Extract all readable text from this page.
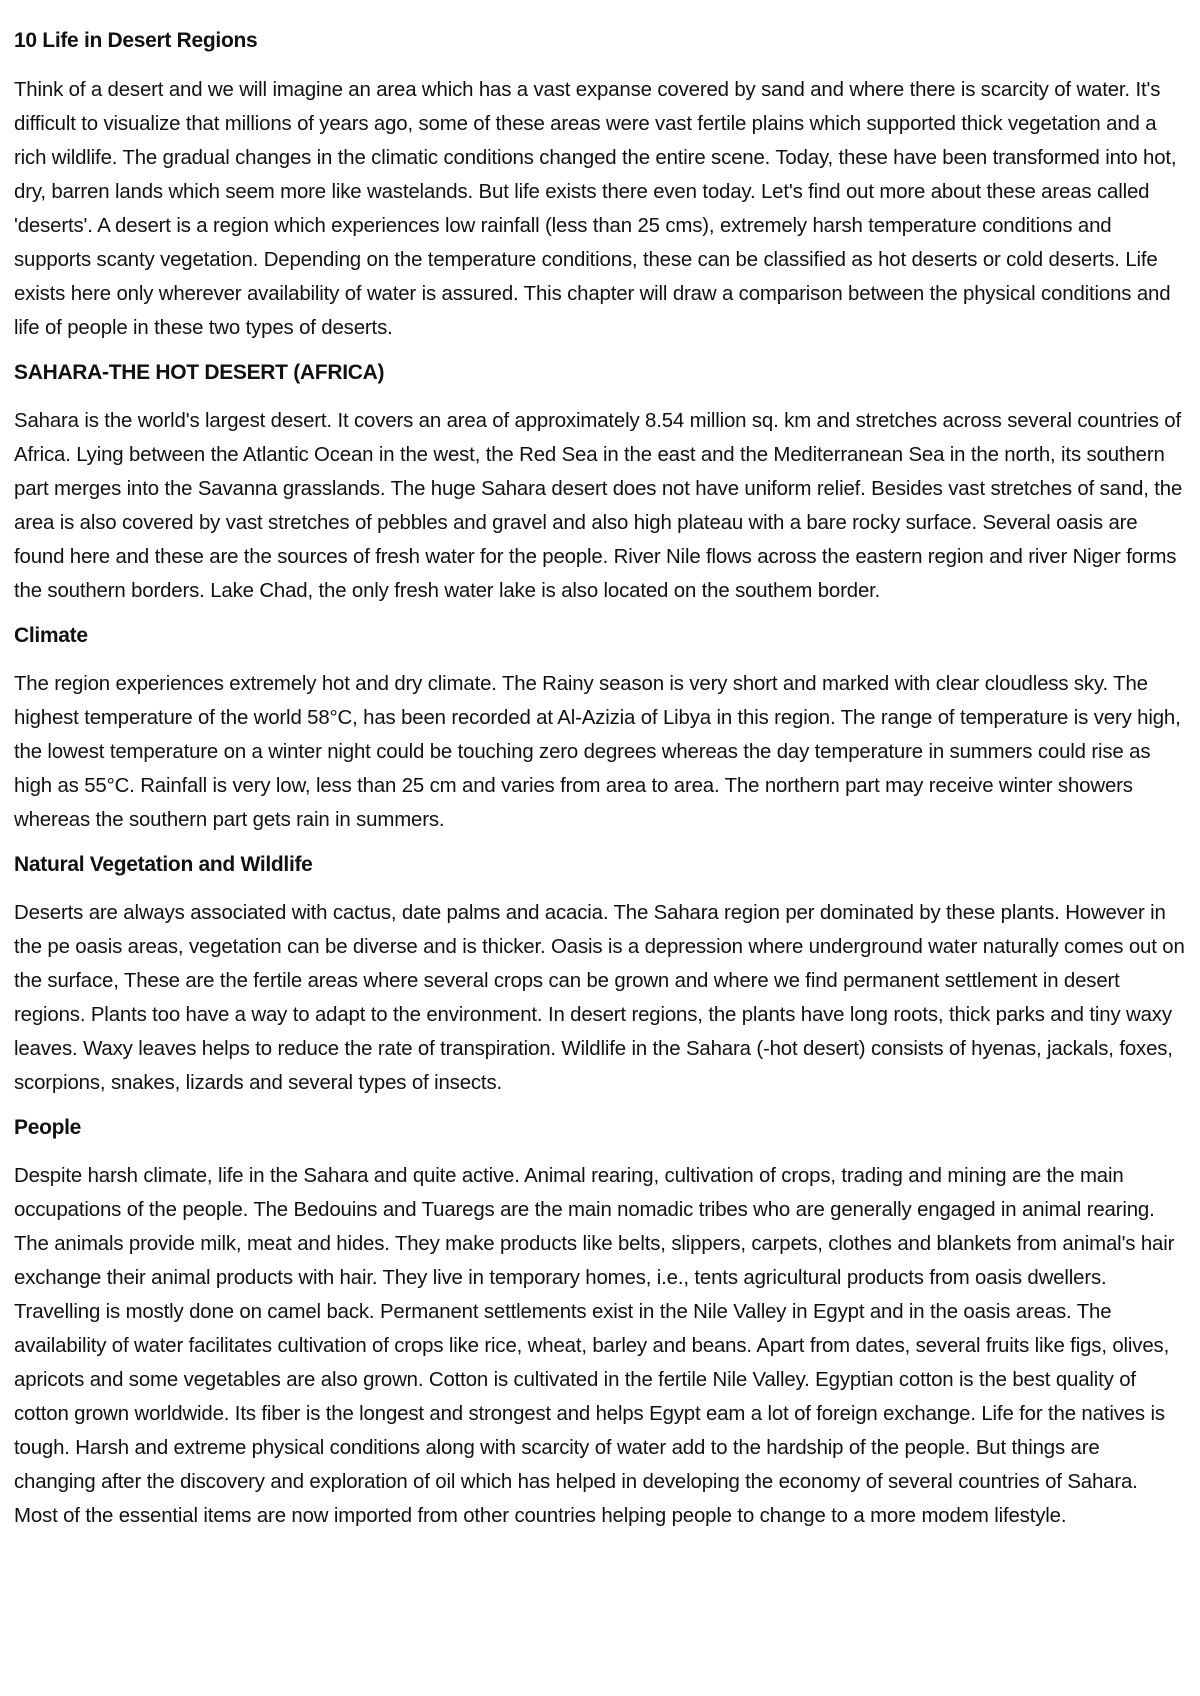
10 Life in Desert Regions

Think of a desert and we will imagine an area which has a vast expanse covered by sand and where there is scarcity of water. It's difficult to visualize that millions of years ago, some of these areas were vast fertile plains which supported thick vegetation and a rich wildlife. The gradual changes in the climatic conditions changed the entire scene. Today, these have been transformed into hot, dry, barren lands which seem more like wastelands. But life exists there even today. Let's find out more about these areas called 'deserts'. A desert is a region which experiences low rainfall (less than 25 cms), extremely harsh temperature conditions and supports scanty vegetation. Depending on the temperature conditions, these can be classified as hot deserts or cold deserts. Life exists here only wherever availability of water is assured. This chapter will draw a comparison between the physical conditions and life of people in these two types of deserts.

SAHARA-THE HOT DESERT (AFRICA)

Sahara is the world's largest desert. It covers an area of approximately 8.54 million sq. km and stretches across several countries of Africa. Lying between the Atlantic Ocean in the west, the Red Sea in the east and the Mediterranean Sea in the north, its southern part merges into the Savanna grasslands. The huge Sahara desert does not have uniform relief. Besides vast stretches of sand, the area is also covered by vast stretches of pebbles and gravel and also high plateau with a bare rocky surface. Several oasis are found here and these are the sources of fresh water for the people. River Nile flows across the eastern region and river Niger forms the southern borders. Lake Chad, the only fresh water lake is also located on the southem border.

Climate

The region experiences extremely hot and dry climate. The Rainy season is very short and marked with clear cloudless sky. The highest temperature of the world 58°C, has been recorded at Al-Azizia of Libya in this region. The range of temperature is very high, the lowest temperature on a winter night could be touching zero degrees whereas the day temperature in summers could rise as high as 55°C. Rainfall is very low, less than 25 cm and varies from area to area. The northern part may receive winter showers whereas the southern part gets rain in summers.

Natural Vegetation and Wildlife

Deserts are always associated with cactus, date palms and acacia. The Sahara region per dominated by these plants. However in the pe oasis areas, vegetation can be diverse and is thicker. Oasis is a depression where underground water naturally comes out on the surface, These are the fertile areas where several crops can be grown and where we find permanent settlement in desert regions. Plants too have a way to adapt to the environment. In desert regions, the plants have long roots, thick parks and tiny waxy leaves. Waxy leaves helps to reduce the rate of transpiration. Wildlife in the Sahara (-hot desert) consists of hyenas, jackals, foxes, scorpions, snakes, lizards and several types of insects.

People

Despite harsh climate, life in the Sahara and quite active. Animal rearing, cultivation of crops, trading and mining are the main occupations of the people. The Bedouins and Tuaregs are the main nomadic tribes who are generally engaged in animal rearing. The animals provide milk, meat and hides. They make products like belts, slippers, carpets, clothes and blankets from animal's hair exchange their animal products with hair. They live in temporary homes, i.e., tents agricultural products from oasis dwellers. Travelling is mostly done on camel back. Permanent settlements exist in the Nile Valley in Egypt and in the oasis areas. The availability of water facilitates cultivation of crops like rice, wheat, barley and beans. Apart from dates, several fruits like figs, olives, apricots and some vegetables are also grown. Cotton is cultivated in the fertile Nile Valley. Egyptian cotton is the best quality of cotton grown worldwide. Its fiber is the longest and strongest and helps Egypt eam a lot of foreign exchange. Life for the natives is tough. Harsh and extreme physical conditions along with scarcity of water add to the hardship of the people. But things are changing after the discovery and exploration of oil which has helped in developing the economy of several countries of Sahara. Most of the essential items are now imported from other countries helping people to change to a more modem lifestyle.
